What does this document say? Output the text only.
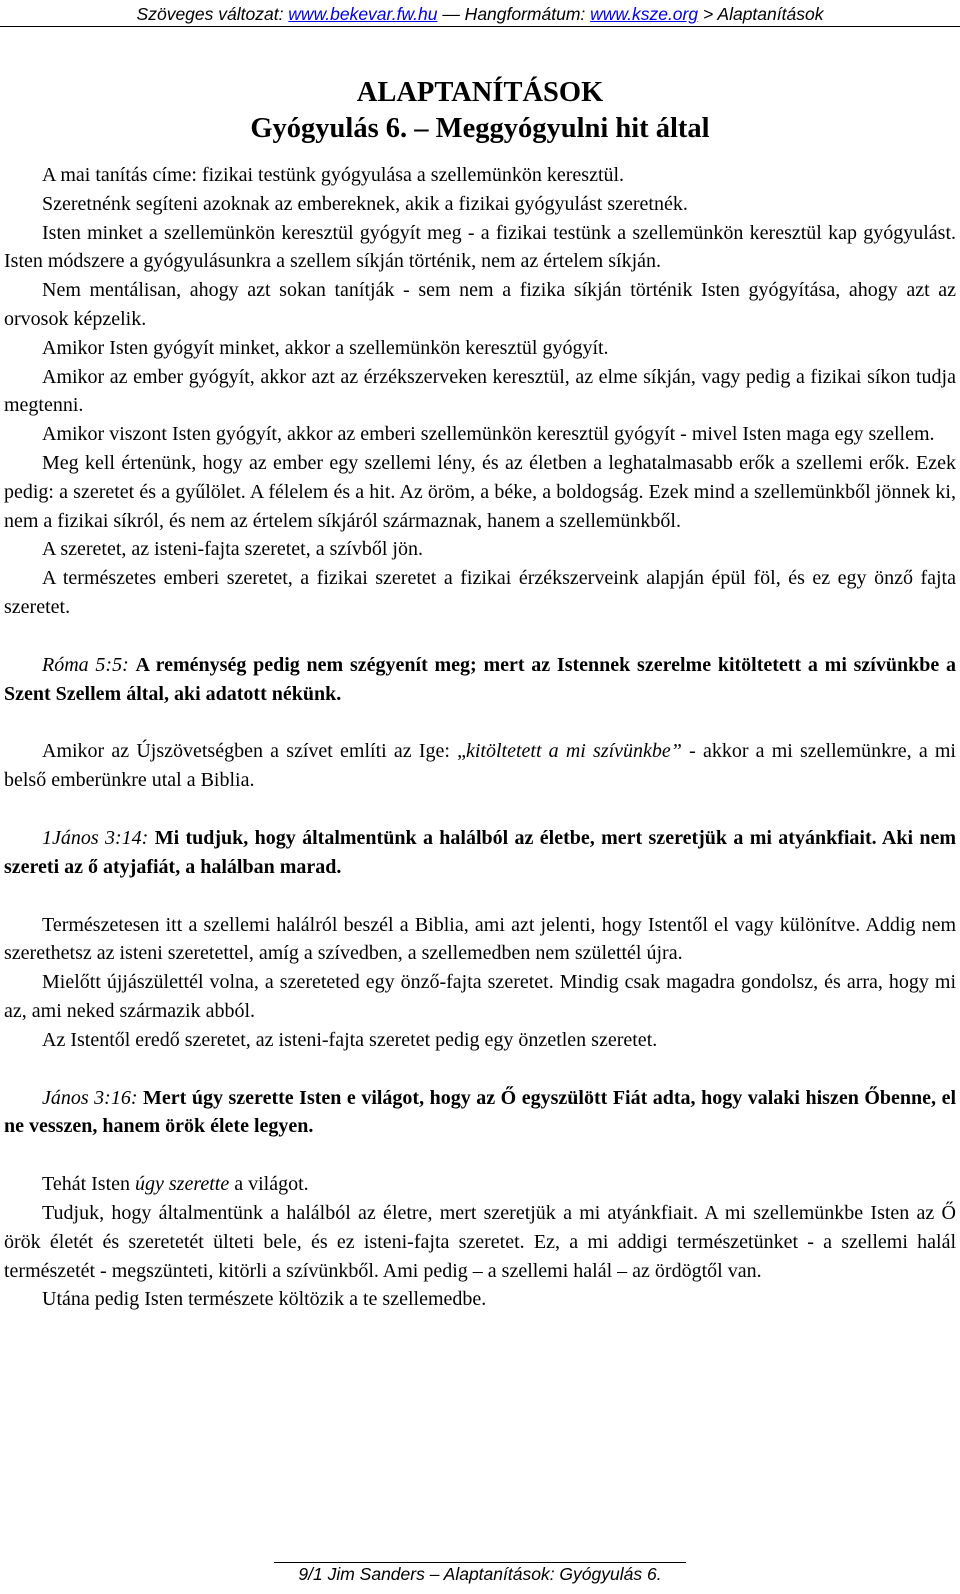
Szöveges változat: www.bekevar.fw.hu — Hangformátum: www.ksze.org > Alaptanítások

ALAPTANÍTÁSOK

Gyógyulás 6. – Meggyógyulni hit által

A mai tanítás címe: fizikai testünk gyógyulása a szellemünkön keresztül.

Szeretnénk segíteni azoknak az embereknek, akik a fizikai gyógyulást szeretnék.

Isten minket a szellemünkön keresztül gyógyít meg - a fizikai testünk a szellemünkön keresztül kap gyógyulást. Isten módszere a gyógyulásunkra a szellem síkján történik, nem az értelem síkján.

Nem mentálisan, ahogy azt sokan tanítják - sem nem a fizika síkján történik Isten gyógyítása, ahogy azt az orvosok képzelik.

Amikor Isten gyógyít minket, akkor a szellemünkön keresztül gyógyít.

Amikor az ember gyógyít, akkor azt az érzékszerveken keresztül, az elme síkján, vagy pedig a fizikai síkon tudja megtenni.

Amikor viszont Isten gyógyít, akkor az emberi szellemünkön keresztül gyógyít - mivel Isten maga egy szellem.

Meg kell értenünk, hogy az ember egy szellemi lény, és az életben a leghatalmasabb erők a szellemi erők. Ezek pedig: a szeretet és a gyűlölet. A félelem és a hit. Az öröm, a béke, a boldogság. Ezek mind a szellemünkből jönnek ki, nem a fizikai síkról, és nem az értelem síkjáról származnak, hanem a szellemünkből.

A szeretet, az isteni-fajta szeretet, a szívből jön.

A természetes emberi szeretet, a fizikai szeretet a fizikai érzékszerveink alapján épül föl, és ez egy önző fajta szeretet.

Róma 5:5: A reménység pedig nem szégyenít meg; mert az Istennek szerelme kitöltetett a mi szívünkbe a Szent Szellem által, aki adatott nékünk.

Amikor az Újszövetségben a szívet említi az Ige: „kitöltetett a mi szívünkbe” - akkor a mi szellemünkre, a mi belső emberünkre utal a Biblia.

1János 3:14: Mi tudjuk, hogy általmentünk a halálból az életbe, mert szeretjük a mi atyánkfiait. Aki nem szereti az ő atyjafiát, a halálban marad.

Természetesen itt a szellemi halálról beszél a Biblia, ami azt jelenti, hogy Istentől el vagy különítve. Addig nem szerethetsz az isteni szeretettel, amíg a szívedben, a szellemedben nem születtél újra.

Mielőtt újjászülettél volna, a szereteted egy önző-fajta szeretet. Mindig csak magadra gondolsz, és arra, hogy mi az, ami neked származik abból.

Az Istentől eredő szeretet, az isteni-fajta szeretet pedig egy önzetlen szeretet.

János 3:16: Mert úgy szerette Isten e világot, hogy az Ő egyszülött Fiát adta, hogy valaki hiszen Őbenne, el ne vesszen, hanem örök élete legyen.

Tehát Isten úgy szerette a világot.

Tudjuk, hogy általmentünk a halálból az életre, mert szeretjük a mi atyánkfiait. A mi szellemünkbe Isten az Ő örök életét és szeretetét ülteti bele, és ez isteni-fajta szeretet. Ez, a mi addigi természetünket - a szellemi halál természetét - megszünteti, kitörli a szívünkből. Ami pedig – a szellemi halál – az ördögtől van.

Utána pedig Isten természete költözik a te szellemedbe.

9/1 Jim Sanders – Alaptanítások: Gyógyulás 6.
